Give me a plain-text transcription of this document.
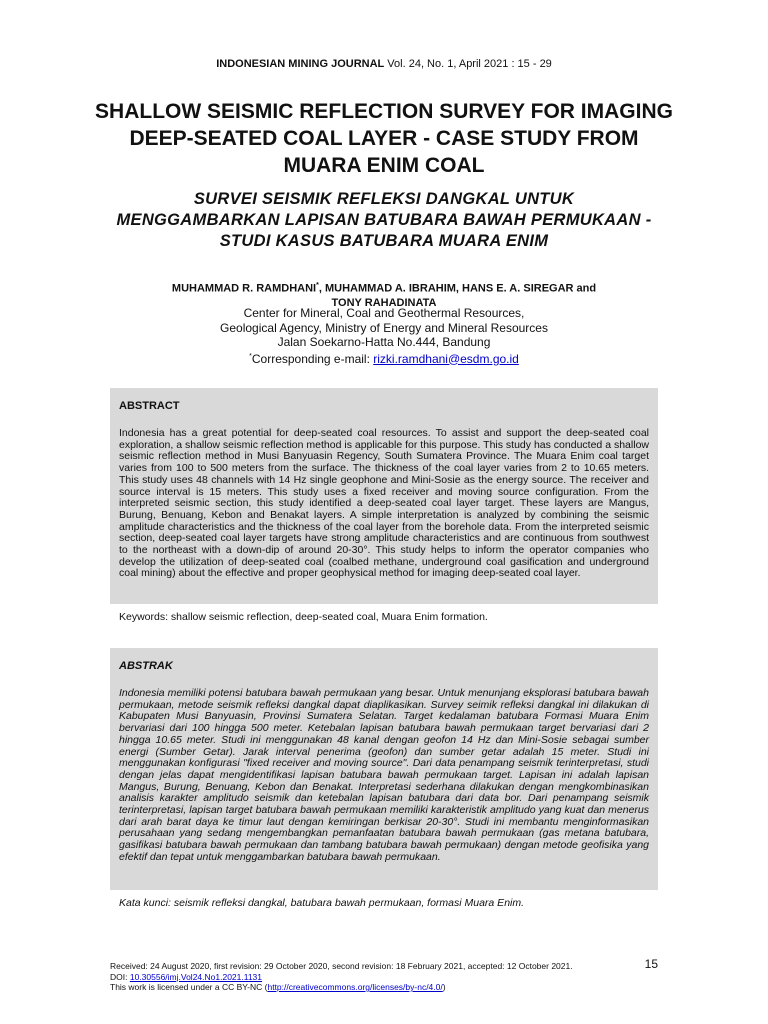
INDONESIAN MINING JOURNAL Vol. 24, No. 1, April 2021 : 15 - 29
SHALLOW SEISMIC REFLECTION SURVEY FOR IMAGING DEEP-SEATED COAL LAYER - CASE STUDY FROM MUARA ENIM COAL
SURVEI SEISMIK REFLEKSI DANGKAL UNTUK MENGGAMBARKAN LAPISAN BATUBARA BAWAH PERMUKAAN - STUDI KASUS BATUBARA MUARA ENIM
MUHAMMAD R. RAMDHANI*, MUHAMMAD A. IBRAHIM, HANS E. A. SIREGAR and
TONY RAHADINATA
Center for Mineral, Coal and Geothermal Resources,
Geological Agency, Ministry of Energy and Mineral Resources
Jalan Soekarno-Hatta No.444, Bandung
*Corresponding e-mail: rizki.ramdhani@esdm.go.id
ABSTRACT

Indonesia has a great potential for deep-seated coal resources. To assist and support the deep-seated coal exploration, a shallow seismic reflection method is applicable for this purpose. This study has conducted a shallow seismic reflection method in Musi Banyuasin Regency, South Sumatera Province. The Muara Enim coal target varies from 100 to 500 meters from the surface. The thickness of the coal layer varies from 2 to 10.65 meters. This study uses 48 channels with 14 Hz single geophone and Mini-Sosie as the energy source. The receiver and source interval is 15 meters. This study uses a fixed receiver and moving source configuration. From the interpreted seismic section, this study identified a deep-seated coal layer target. These layers are Mangus, Burung, Benuang, Kebon and Benakat layers. A simple interpretation is analyzed by combining the seismic amplitude characteristics and the thickness of the coal layer from the borehole data. From the interpreted seismic section, deep-seated coal layer targets have strong amplitude characteristics and are continuous from southwest to the northeast with a down-dip of around 20-30°. This study helps to inform the operator companies who develop the utilization of deep-seated coal (coalbed methane, underground coal gasification and underground coal mining) about the effective and proper geophysical method for imaging deep-seated coal layer.

Keywords: shallow seismic reflection, deep-seated coal, Muara Enim formation.
ABSTRAK

Indonesia memiliki potensi batubara bawah permukaan yang besar. Untuk menunjang eksplorasi batubara bawah permukaan, metode seismik refleksi dangkal dapat diaplikasikan. Survey seimik refleksi dangkal ini dilakukan di Kabupaten Musi Banyuasin, Provinsi Sumatera Selatan. Target kedalaman batubara Formasi Muara Enim bervariasi dari 100 hingga 500 meter. Ketebalan lapisan batubara bawah permukaan target bervariasi dari 2 hingga 10.65 meter. Studi ini menggunakan 48 kanal dengan geofon 14 Hz dan Mini-Sosie sebagai sumber energi (Sumber Getar). Jarak interval penerima (geofon) dan sumber getar adalah 15 meter. Studi ini menggunakan konfigurasi "fixed receiver and moving source". Dari data penampang seismik terinterpretasi, studi dengan jelas dapat mengidentifikasi lapisan batubara bawah permukaan target. Lapisan ini adalah lapisan Mangus, Burung, Benuang, Kebon dan Benakat. Interpretasi sederhana dilakukan dengan mengkombinasikan analisis karakter amplitudo seismik dan ketebalan lapisan batubara dari data bor. Dari penampang seismik terinterpretasi, lapisan target batubara bawah permukaan memiliki karakteristik amplitudo yang kuat dan menerus dari arah barat daya ke timur laut dengan kemiringan berkisar 20-30°. Studi ini membantu menginformasikan perusahaan yang sedang mengembangkan pemanfaatan batubara bawah permukaan (gas metana batubara, gasifikasi batubara bawah permukaan dan tambang batubara bawah permukaan) dengan metode geofisika yang efektif dan tepat untuk menggambarkan batubara bawah permukaan.

Kata kunci: seismik refleksi dangkal, batubara bawah permukaan, formasi Muara Enim.
Received: 24 August 2020, first revision: 29 October 2020, second revision: 18 February 2021, accepted: 12 October 2021.
DOI: 10.30556/imj.Vol24.No1.2021.1131
This work is licensed under a CC BY-NC (http://creativecommons.org/licenses/by-nc/4.0/)
15
